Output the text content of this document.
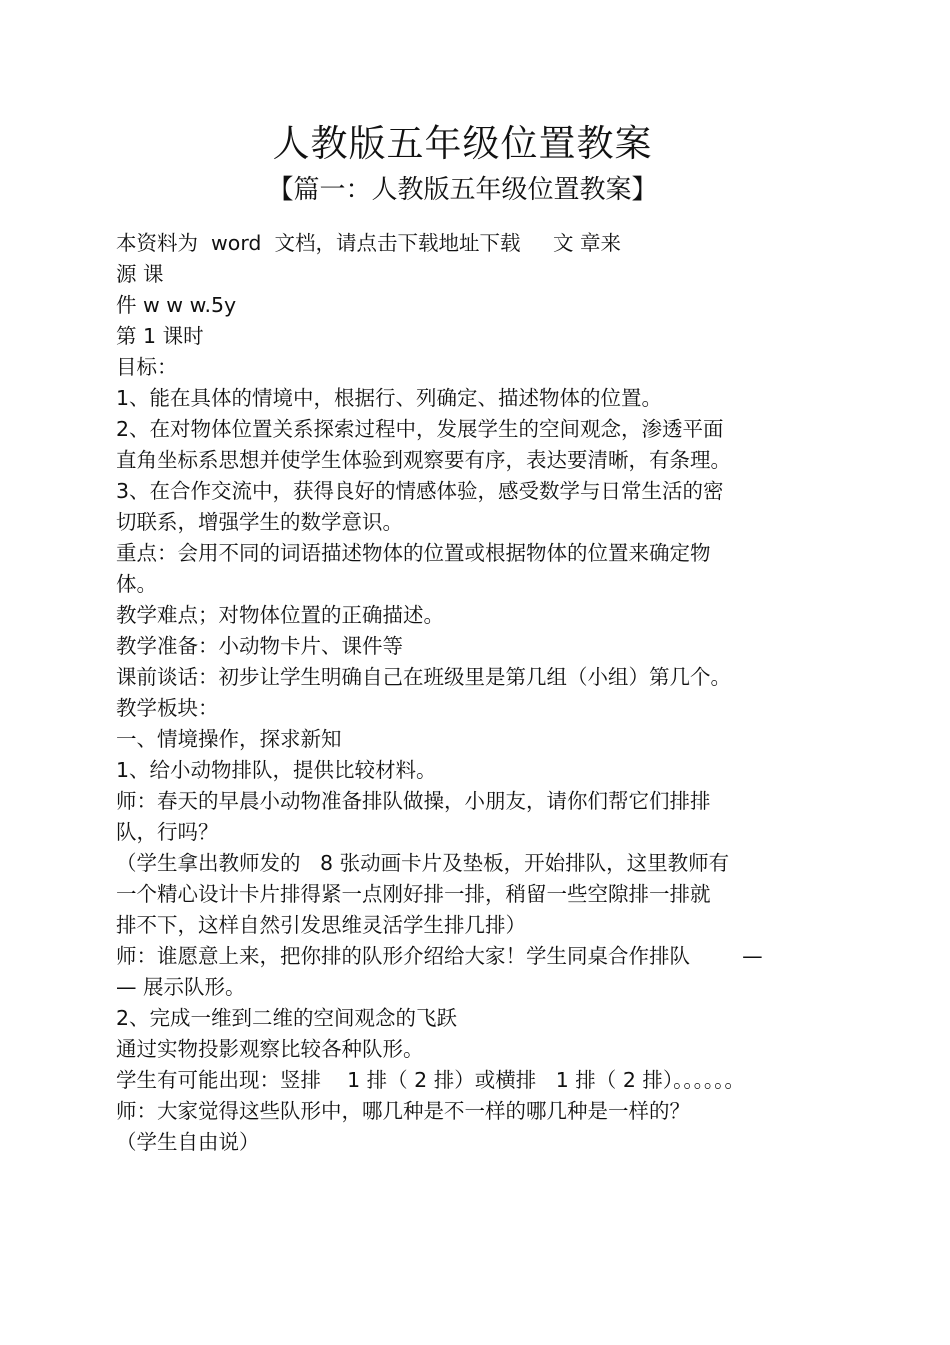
人教版五年级位置教案
【篇一：人教版五年级位置教案】
本资料为  word  文档，请点击下载地址下载     文 章来
源 课
件 w w w.5y
第 1 课时
目标：
1、能在具体的情境中，根据行、列确定、描述物体的位置。
2、在对物体位置关系探索过程中，发展学生的空间观念，渗透平面
直角坐标系思想并使学生体验到观察要有序，表达要清晰，有条理。
3、在合作交流中，获得良好的情感体验，感受数学与日常生活的密
切联系，增强学生的数学意识。
重点：会用不同的词语描述物体的位置或根据物体的位置来确定物
体。
教学难点；对物体位置的正确描述。
教学准备：小动物卡片、课件等
课前谈话：初步让学生明确自己在班级里是第几组（小组）第几个。
教学板块：
一、情境操作，探求新知
1、给小动物排队，提供比较材料。
师：春天的早晨小动物准备排队做操，小朋友，请你们帮它们排排
队，行吗？
（学生拿出教师发的   8 张动画卡片及垫板，开始排队，这里教师有
一个精心设计卡片排得紧一点刚好排一排，稍留一些空隙排一排就
排不下，这样自然引发思维灵活学生排几排）
师：谁愿意上来，把你排的队形介绍给大家！学生同桌合作排队        —
— 展示队形。
2、完成一维到二维的空间观念的飞跃
通过实物投影观察比较各种队形。
学生有可能出现：竖排    1 排（ 2 排）或横排   1 排（ 2 排）。。。。。。
师：大家觉得这些队形中，哪几种是不一样的哪几种是一样的？
（学生自由说）
